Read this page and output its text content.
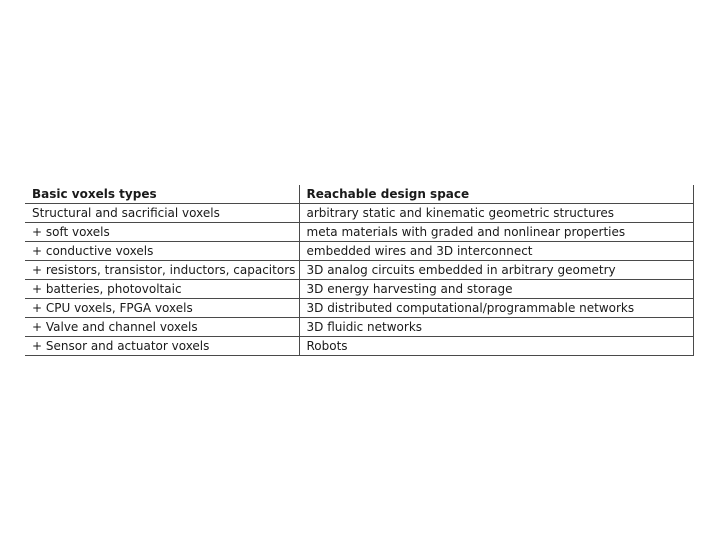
Basic voxels types	Reachable design space
Structural and sacrificial voxels	arbitrary static and kinematic geometric structures
+ soft voxels	meta materials with graded and nonlinear properties
+ conductive voxels	embedded wires and 3D interconnect
+ resistors, transistor, inductors, capacitors	3D analog circuits embedded in arbitrary geometry
+ batteries, photovoltaic	3D energy harvesting and storage
+ CPU voxels, FPGA voxels	3D distributed computational/programmable networks
+ Valve and channel voxels	3D fluidic networks
+ Sensor and actuator voxels	Robots
